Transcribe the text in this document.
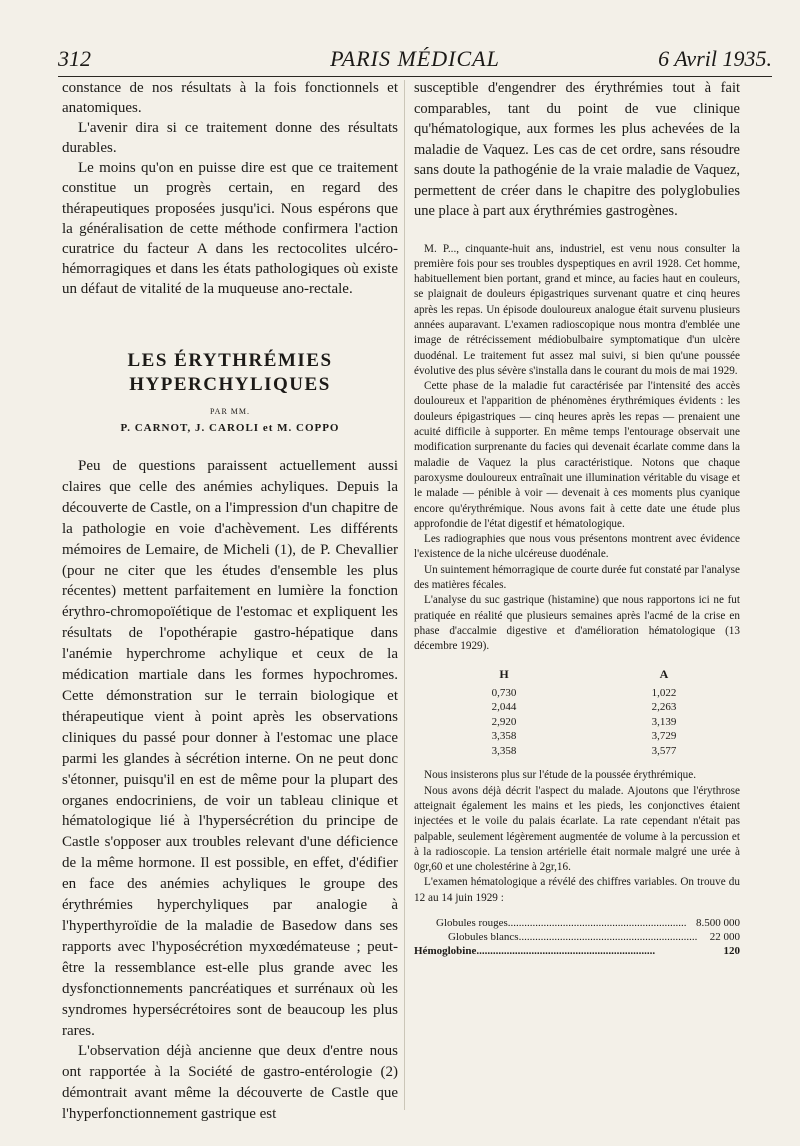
312	PARIS MÉDICAL	6 Avril 1935.

constance de nos résultats à la fois fonctionnels et anatomiques.

L'avenir dira si ce traitement donne des résultats durables.

Le moins qu'on en puisse dire est que ce traitement constitue un progrès certain, en regard des thérapeutiques proposées jusqu'ici. Nous espérons que la généralisation de cette méthode confirmera l'action curatrice du facteur A dans les rectocolites ulcéro-hémorragiques et dans les états pathologiques où existe un défaut de vitalité de la muqueuse ano-rectale.

LES ÉRYTHRÉMIES
HYPERCHYLIQUES
PAR MM.
P. CARNOT, J. CAROLI et M. COPPO

Peu de questions paraissent actuellement aussi claires que celle des anémies achyliques. Depuis la découverte de Castle, on a l'impression d'un chapitre de la pathologie en voie d'achèvement. Les différents mémoires de Lemaire, de Micheli (1), de P. Chevallier (pour ne citer que les études d'ensemble les plus récentes) mettent parfaitement en lumière la fonction érythro-chromopoïétique de l'estomac et expliquent les résultats de l'opothérapie gastro-hépatique dans l'anémie hyperchrome achylique et ceux de la médication martiale dans les formes hypochromes. Cette démonstration sur le terrain biologique et thérapeutique vient à point après les observations cliniques du passé pour donner à l'estomac une place parmi les glandes à sécrétion interne. On ne peut donc s'étonner, puisqu'il en est de même pour la plupart des organes endocriniens, de voir un tableau clinique et hématologique lié à l'hypersécrétion du principe de Castle s'opposer aux troubles relevant d'une déficience de la même hormone. Il est possible, en effet, d'édifier en face des anémies achyliques le groupe des érythrémies hyperchyliques par analogie à l'hyperthyroïdie de la maladie de Basedow dans ses rapports avec l'hyposécrétion myxœdémateuse ; peut-être la ressemblance est-elle plus grande avec les dysfonctionnements pancréatiques et surrénaux où les syndromes hypersécrétoires sont de beaucoup les plus rares.

L'observation déjà ancienne que deux d'entre nous ont rapportée à la Société de gastro-entérologie (2) démontrait avant même la découverte de Castle que l'hyperfonctionnement gastrique est

susceptible d'engendrer des érythrémies tout à fait comparables, tant du point de vue clinique qu'hématologique, aux formes les plus achevées de la maladie de Vaquez. Les cas de cet ordre, sans résoudre sans doute la pathogénie de la vraie maladie de Vaquez, permettent de créer dans le chapitre des polyglobulies une place à part aux érythrémies gastrogènes.

M. P..., cinquante-huit ans, industriel, est venu nous consulter la première fois pour ses troubles dyspeptiques en avril 1928. Cet homme, habituellement bien portant, grand et mince, au facies haut en couleurs, se plaignait de douleurs épigastriques survenant quatre et cinq heures après les repas. Un épisode douloureux analogue était survenu plusieurs années auparavant. L'examen radioscopique nous montra d'emblée une image de rétrécissement médiobulbaire symptomatique d'un ulcère duodénal. Le traitement fut assez mal suivi, si bien qu'une poussée évolutive des plus sévère s'installa dans le courant du mois de mai 1929.

Cette phase de la maladie fut caractérisée par l'intensité des accès douloureux et l'apparition de phénomènes érythrémiques évidents : les douleurs épigastriques — cinq heures après les repas — prenaient une acuité difficile à supporter. En même temps l'entourage observait une modification surprenante du facies qui devenait écarlate comme dans la maladie de Vaquez la plus caractéristique. Notons que chaque paroxysme douloureux entraînait une illumination véritable du visage et le malade — pénible à voir — devenait à ces moments plus cyanique encore qu'érythrémique. Nous avons fait à cette date une étude plus approfondie de l'état digestif et hématologique.

Les radiographies que nous vous présentons montrent avec évidence l'existence de la niche ulcéreuse duodénale.

Un suintement hémorragique de courte durée fut constaté par l'analyse des matières fécales.

L'analyse du suc gastrique (histamine) que nous rapportons ici ne fut pratiquée en réalité que plusieurs semaines après l'acmé de la crise en phase d'accalmie digestive et d'amélioration hématologique (13 décembre 1929).

H		A
0,730		1,022
2,044		2,263
2,920		3,139
3,358		3,729
3,358		3,577

Nous insisterons plus sur l'étude de la poussée érythrémique.

Nous avons déjà décrit l'aspect du malade. Ajoutons que l'érythrose atteignait également les mains et les pieds, les conjonctives étaient injectées et le voile du palais écarlate. La rate cependant n'était pas palpable, seulement légèrement augmentée de volume à la percussion et à la radioscopie. La tension artérielle était normale malgré une urée à 0gr,60 et une cholestérine à 2gr,16.

L'examen hématologique a révélé des chiffres variables. On trouve du 12 au 14 juin 1929 :

Globules rouges ................................................................. 8.500 000
Globules blancs .................................................................	22 000
Hémoglobine .................................................................	120
